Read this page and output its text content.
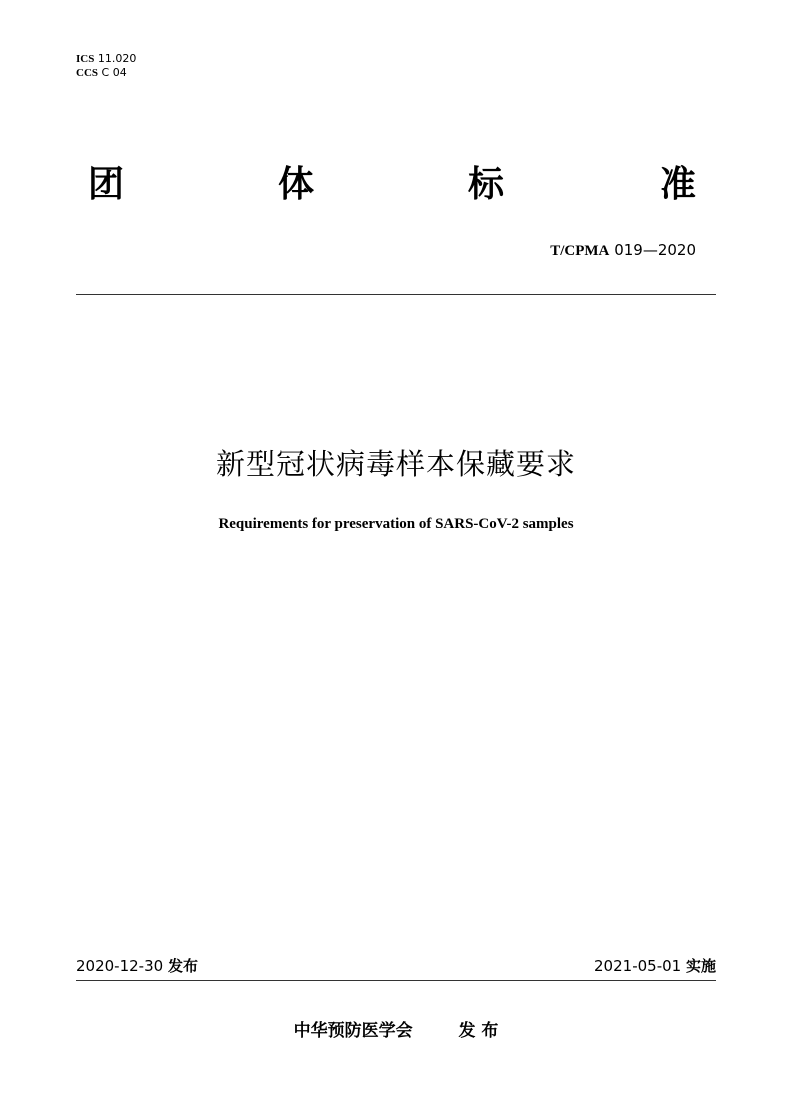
ICS 11.020
CCS C 04
团	体	标	准
T/CPMA 019—2020
新型冠状病毒样本保藏要求
Requirements for preservation of SARS-CoV-2 samples
2020-12-30 发布	2021-05-01 实施
中华预防医学会	发 布
